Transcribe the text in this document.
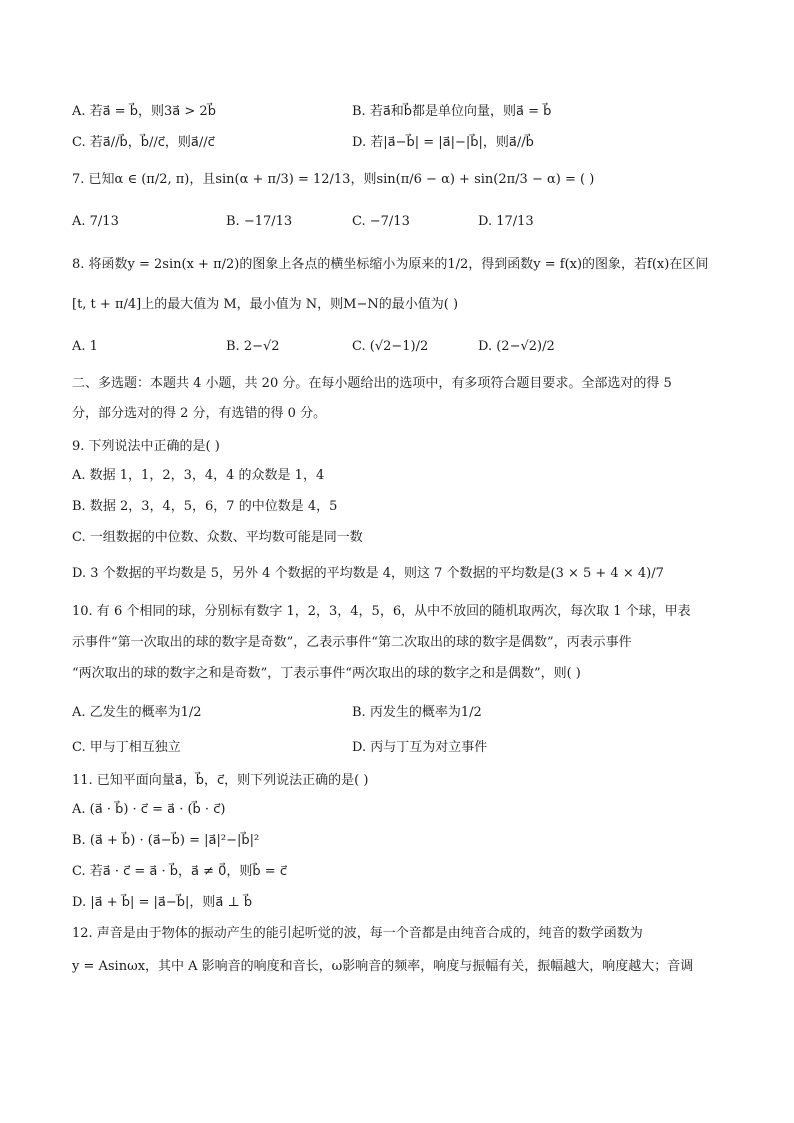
A. 若a⃗ = b⃗，则3a⃗ > 2b⃗	B. 若a⃗和b⃗都是单位向量，则a⃗ = b⃗
C. 若a⃗//b⃗，b⃗//c⃗，则a⃗//c⃗	D. 若|a⃗−b⃗| = |a⃗|−|b⃗|，则a⃗//b⃗
7. 已知α ∈ (π/2, π)，且sin(α + π/3) = 12/13，则sin(π/6 − α) + sin(2π/3 − α) = ( )
A. 7/13	B. −17/13	C. −7/13	D. 17/13
8. 将函数y = 2sin(x + π/2)的图象上各点的横坐标缩小为原来的1/2，得到函数y = f(x)的图象，若f(x)在区间
[t, t + π/4]上的最大值为 M，最小值为 N，则M−N的最小值为( )
A. 1	B. 2−√2	C. (√2−1)/2	D. (2−√2)/2
二、多选题：本题共 4 小题，共 20 分。在每小题给出的选项中，有多项符合题目要求。全部选对的得 5
分，部分选对的得 2 分，有选错的得 0 分。
9. 下列说法中正确的是( )
A. 数据 1，1，2，3，4，4 的众数是 1，4
B. 数据 2，3，4，5，6，7 的中位数是 4，5
C. 一组数据的中位数、众数、平均数可能是同一数
D. 3 个数据的平均数是 5，另外 4 个数据的平均数是 4，则这 7 个数据的平均数是(3 × 5 + 4 × 4)/7
10. 有 6 个相同的球，分别标有数字 1，2，3，4，5，6，从中不放回的随机取两次，每次取 1 个球，甲表
示事件“第一次取出的球的数字是奇数”，乙表示事件“第二次取出的球的数字是偶数”，丙表示事件
“两次取出的球的数字之和是奇数”，丁表示事件“两次取出的球的数字之和是偶数”，则( )
A. 乙发生的概率为1/2	B. 丙发生的概率为1/2
C. 甲与丁相互独立	D. 丙与丁互为对立事件
11. 已知平面向量a⃗，b⃗，c⃗，则下列说法正确的是( )
A. (a⃗ · b⃗) · c⃗ = a⃗ · (b⃗ · c⃗)
B. (a⃗ + b⃗) · (a⃗−b⃗) = |a⃗|²−|b⃗|²
C. 若a⃗ · c⃗ = a⃗ · b⃗，a⃗ ≠ 0⃗，则b⃗ = c⃗
D. |a⃗ + b⃗| = |a⃗−b⃗|，则a⃗ ⊥ b⃗
12. 声音是由于物体的振动产生的能引起听觉的波，每一个音都是由纯音合成的，纯音的数学函数为
y = Asinωx，其中 A 影响音的响度和音长，ω影响音的频率，响度与振幅有关，振幅越大，响度越大；音调
